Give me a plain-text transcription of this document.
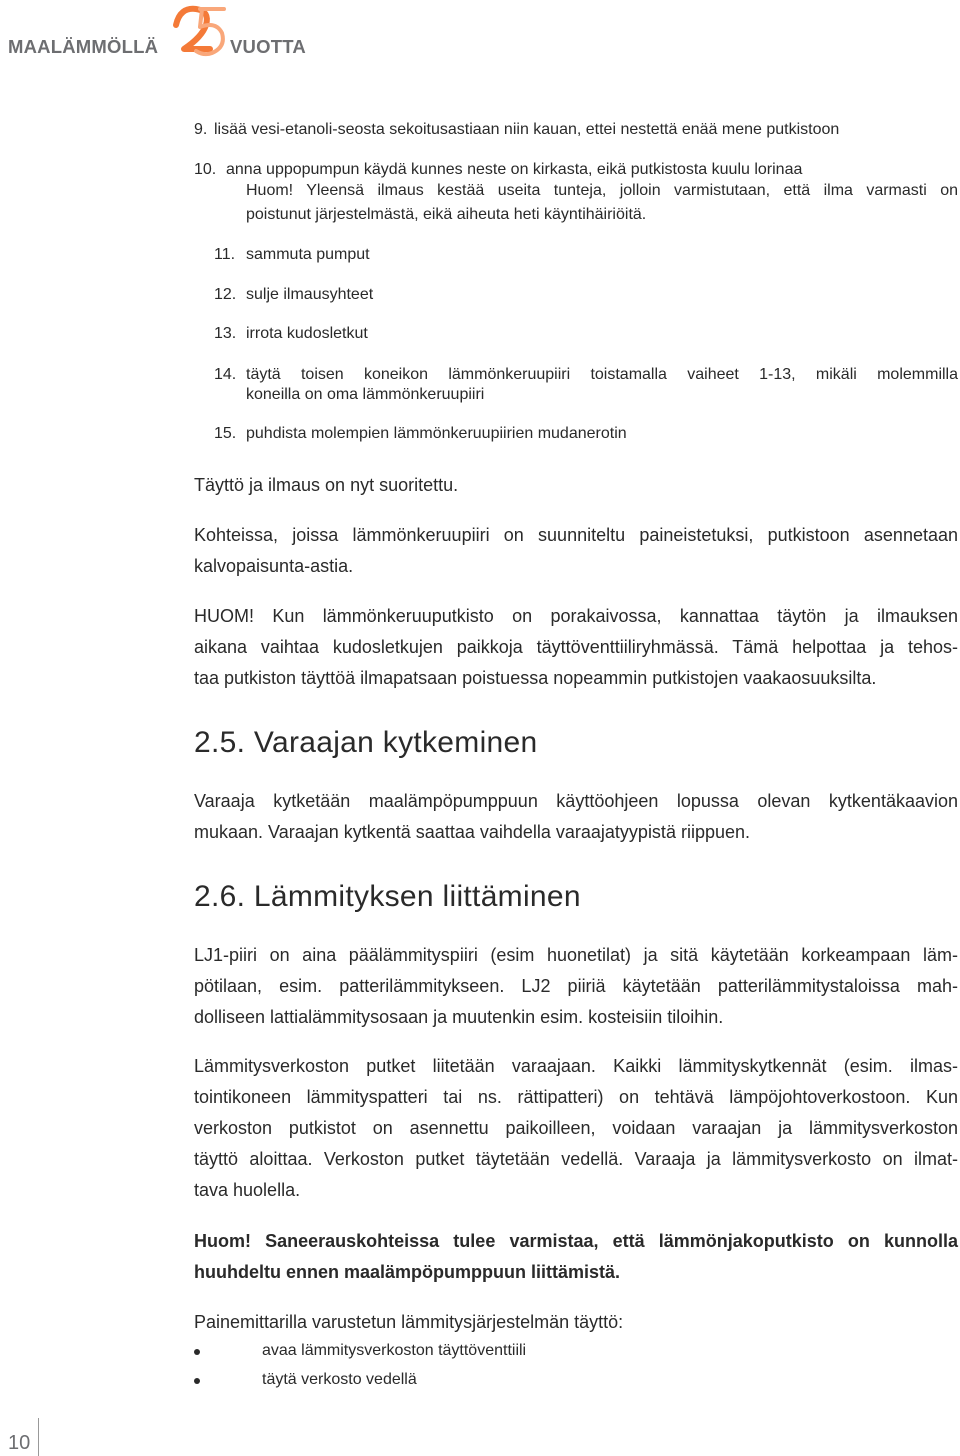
MAALÄMMÖLLÄ
25
VUOTTA
9. lisää vesi-etanoli-seosta sekoitusastiaan niin kauan, ettei nestettä enää mene putkistoon
10. anna uppopumpun käydä kunnes neste on kirkasta, eikä putkistosta kuulu lorinaa
Huom! Yleensä ilmaus kestää useita tunteja, jolloin varmistutaan, että ilma varmasti on
poistunut järjestelmästä, eikä aiheuta heti käyntihäiriöitä.
11. sammuta pumput
12. sulje ilmausyhteet
13. irrota kudosletkut
14. täytä toisen koneikon lämmönkeruupiiri toistamalla vaiheet 1-13, mikäli molemmilla
koneilla on oma lämmönkeruupiiri
15. puhdista molempien lämmönkeruupiirien mudanerotin
Täyttö ja ilmaus on nyt suoritettu.
Kohteissa, joissa lämmönkeruupiiri on suunniteltu paineistetuksi, putkistoon asennetaan
kalvopaisunta-astia.
HUOM! Kun lämmönkeruuputkisto on porakaivossa, kannattaa täytön ja ilmauksen
aikana vaihtaa kudosletkujen paikkoja täyttöventtiiliryhmässä. Tämä helpottaa ja tehos-
taa putkiston täyttöä ilmapatsaan poistuessa nopeammin putkistojen vaakaosuuksilta.
2.5. Varaajan kytkeminen
Varaaja kytketään maalämpöpumppuun käyttöohjeen lopussa olevan kytkentäkaavion
mukaan. Varaajan kytkentä saattaa vaihdella varaajatyypistä riippuen.
2.6. Lämmityksen liittäminen
LJ1-piiri on aina päälämmityspiiri (esim huonetilat) ja sitä käytetään korkeampaan läm-
pötilaan, esim. patterilämmitykseen. LJ2 piiriä käytetään patterilämmitystaloissa mah-
dolliseen lattialämmitysosaan ja muutenkin esim. kosteisiin tiloihin.
Lämmitysverkoston putket liitetään varaajaan. Kaikki lämmityskytkennät (esim. ilmas-
tointikoneen lämmityspatteri tai ns. rättipatteri) on tehtävä lämpöjohtoverkostoon. Kun
verkoston putkistot on asennettu paikoilleen, voidaan varaajan ja lämmitysverkoston
täyttö aloittaa. Verkoston putket täytetään vedellä. Varaaja ja lämmitysverkosto on ilmat-
tava huolella.
Huom! Saneerauskohteissa tulee varmistaa, että lämmönjakoputkisto on kunnolla
huuhdeltu ennen maalämpöpumppuun liittämistä.
Painemittarilla varustetun lämmitysjärjestelmän täyttö:
avaa lämmitysverkoston täyttöventtiili
täytä verkosto vedellä
10
